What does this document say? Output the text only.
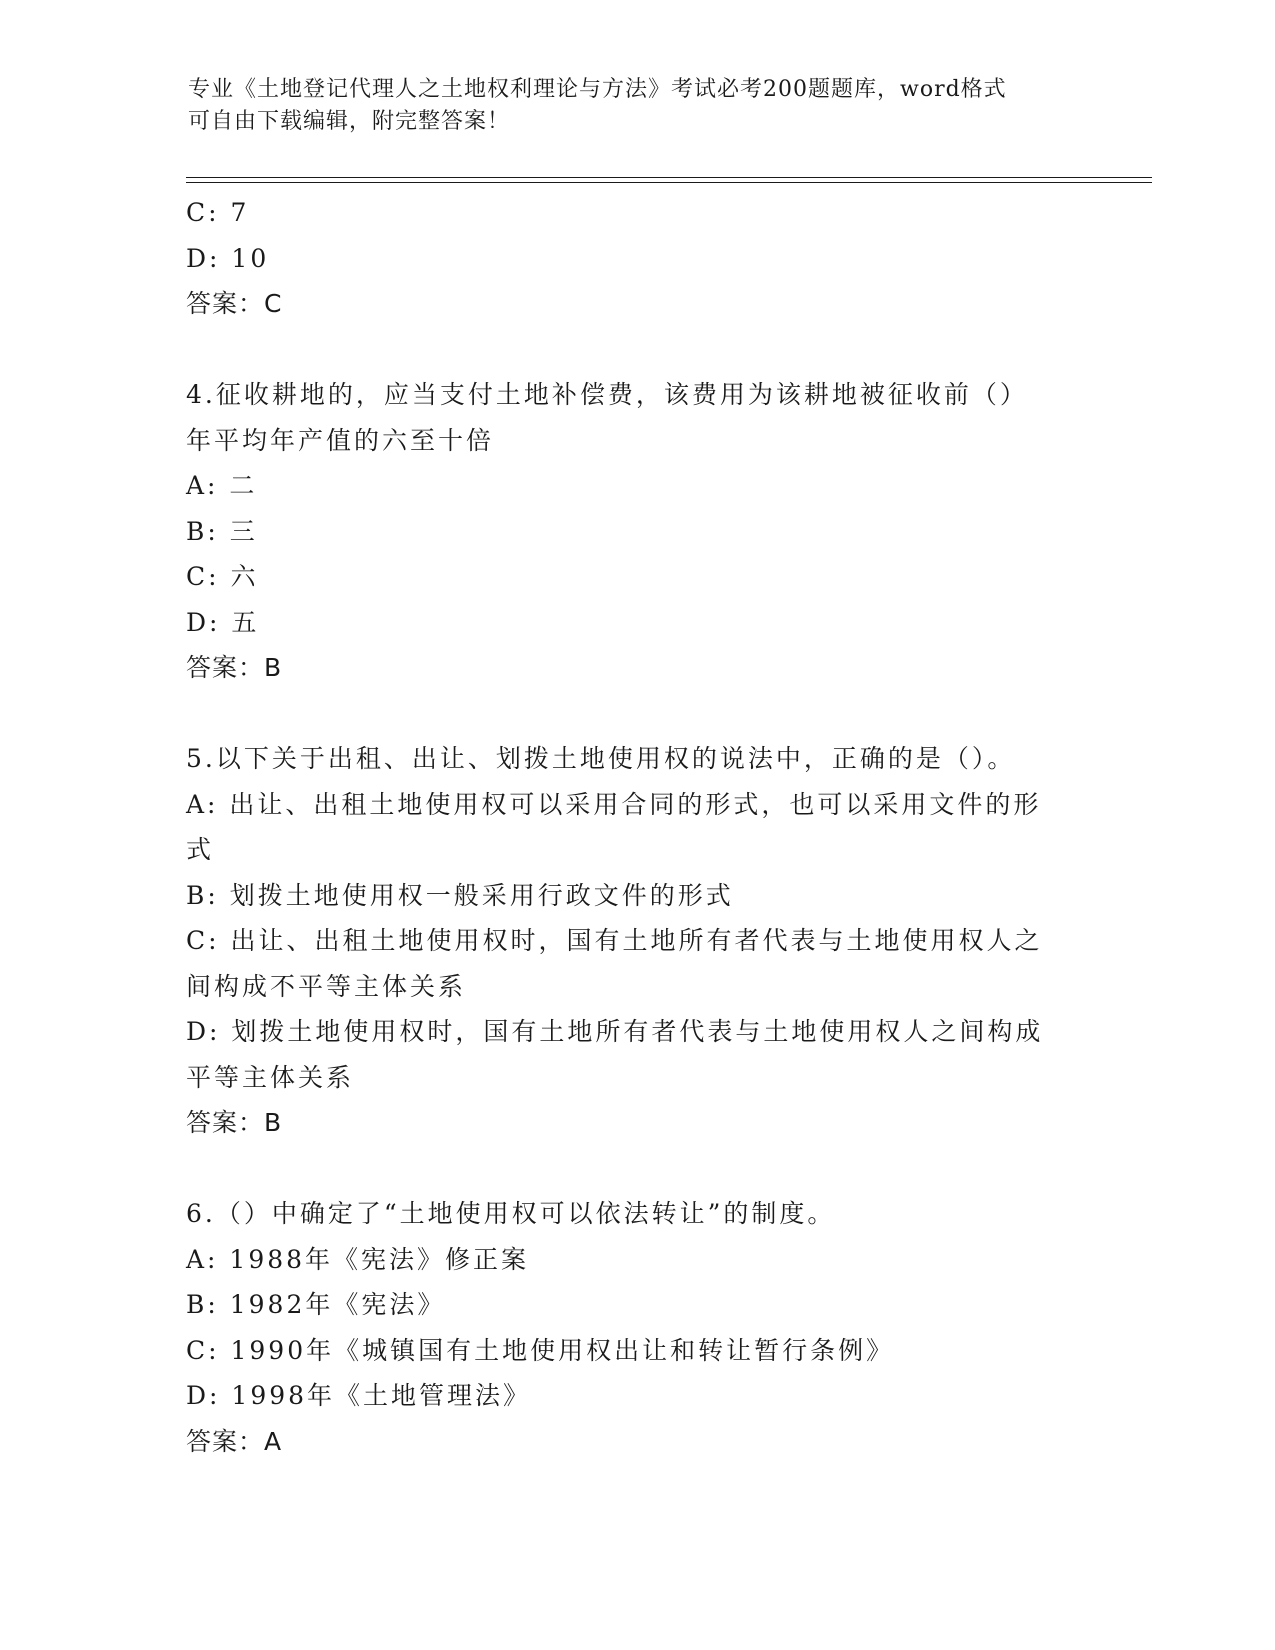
专业《土地登记代理人之土地权利理论与方法》考试必考200题题库，word格式
可自由下载编辑，附完整答案！
C: 7
D: 10
答案：C
4.征收耕地的，应当支付土地补偿费，该费用为该耕地被征收前（）
年平均年产值的六至十倍
A: 二
B: 三
C: 六
D: 五
答案：B
5.以下关于出租、出让、划拨土地使用权的说法中，正确的是（）。
A: 出让、出租土地使用权可以采用合同的形式，也可以采用文件的形
式
B: 划拨土地使用权一般采用行政文件的形式
C: 出让、出租土地使用权时，国有土地所有者代表与土地使用权人之
间构成不平等主体关系
D: 划拨土地使用权时，国有土地所有者代表与土地使用权人之间构成
平等主体关系
答案：B
6.（）中确定了“土地使用权可以依法转让”的制度。
A: 1988年《宪法》修正案
B: 1982年《宪法》
C: 1990年《城镇国有土地使用权出让和转让暂行条例》
D: 1998年《土地管理法》
答案：A
